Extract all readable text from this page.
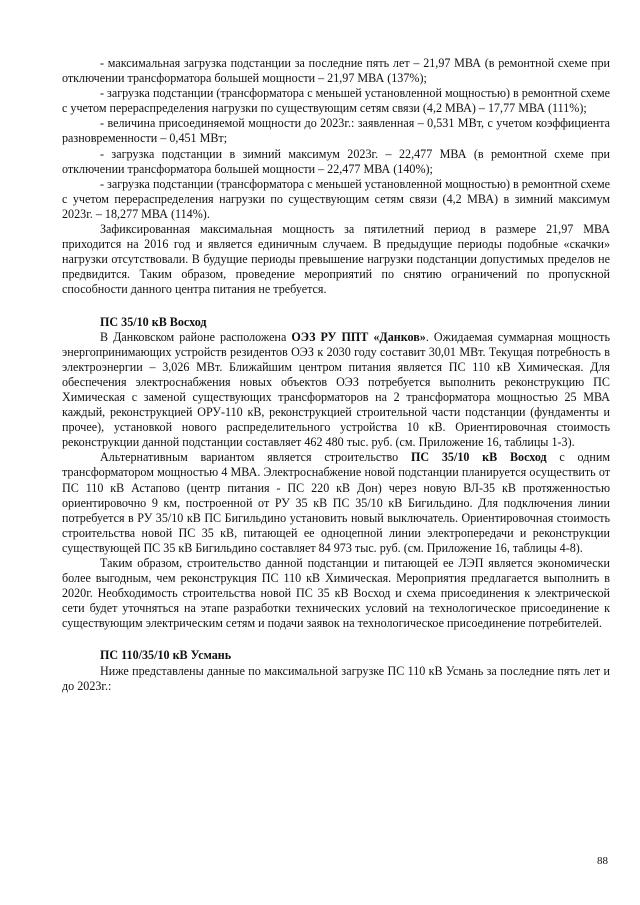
- максимальная загрузка подстанции за последние пять лет – 21,97 МВА (в ремонтной схеме при отключении трансформатора большей мощности – 21,97 МВА (137%);

- загрузка подстанции (трансформатора с меньшей установленной мощностью) в ремонтной схеме с учетом перераспределения нагрузки по существующим сетям связи (4,2 МВА) – 17,77 МВА (111%);

- величина присоединяемой мощности до 2023г.: заявленная – 0,531 МВт, с учетом коэффициента разновременности – 0,451 МВт;

- загрузка подстанции в зимний максимум 2023г. – 22,477 МВА (в ремонтной схеме при отключении трансформатора большей мощности – 22,477 МВА (140%);

- загрузка подстанции (трансформатора с меньшей установленной мощностью) в ремонтной схеме с учетом перераспределения нагрузки по существующим сетям связи (4,2 МВА) в зимний максимум 2023г. – 18,277 МВА (114%).

Зафиксированная максимальная мощность за пятилетний период в размере 21,97 МВА приходится на 2016 год и является единичным случаем. В предыдущие периоды подобные «скачки» нагрузки отсутствовали. В будущие периоды превышение нагрузки подстанции допустимых пределов не предвидится. Таким образом, проведение мероприятий по снятию ограничений по пропускной способности данного центра питания не требуется.

ПС 35/10 кВ Восход

В Данковском районе расположена ОЭЗ РУ ППТ «Данков». Ожидаемая суммарная мощность энергопринимающих устройств резидентов ОЭЗ к 2030 году составит 30,01 МВт. Текущая потребность в электроэнергии – 3,026 МВт. Ближайшим центром питания является ПС 110 кВ Химическая. Для обеспечения электроснабжения новых объектов ОЭЗ потребуется выполнить реконструкцию ПС Химическая с заменой существующих трансформаторов на 2 трансформатора мощностью 25 МВА каждый, реконструкцией ОРУ-110 кВ, реконструкцией строительной части подстанции (фундаменты и прочее), установкой нового распределительного устройства 10 кВ. Ориентировочная стоимость реконструкции данной подстанции составляет 462 480 тыс. руб. (см. Приложение 16, таблицы 1-3).

Альтернативным вариантом является строительство ПС 35/10 кВ Восход с одним трансформатором мощностью 4 МВА. Электроснабжение новой подстанции планируется осуществить от ПС 110 кВ Астапово (центр питания - ПС 220 кВ Дон) через новую ВЛ-35 кВ протяженностью ориентировочно 9 км, построенной от РУ 35 кВ ПС 35/10 кВ Бигильдино. Для подключения линии потребуется в РУ 35/10 кВ ПС Бигильдино установить новый выключатель. Ориентировочная стоимость строительства новой ПС 35 кВ, питающей ее одноцепной линии электропередачи и реконструкции существующей ПС 35 кВ Бигильдино составляет 84 973 тыс. руб. (см. Приложение 16, таблицы 4-8).

Таким образом, строительство данной подстанции и питающей ее ЛЭП является экономически более выгодным, чем реконструкция ПС 110 кВ Химическая. Мероприятия предлагается выполнить в 2020г. Необходимость строительства новой ПС 35 кВ Восход и схема присоединения к электрической сети будет уточняться на этапе разработки технических условий на технологическое присоединение к существующим электрическим сетям и подачи заявок на технологическое присоединение потребителей.

ПС 110/35/10 кВ Усмань

Ниже представлены данные по максимальной загрузке ПС 110 кВ Усмань за последние пять лет и до 2023г.:

88
